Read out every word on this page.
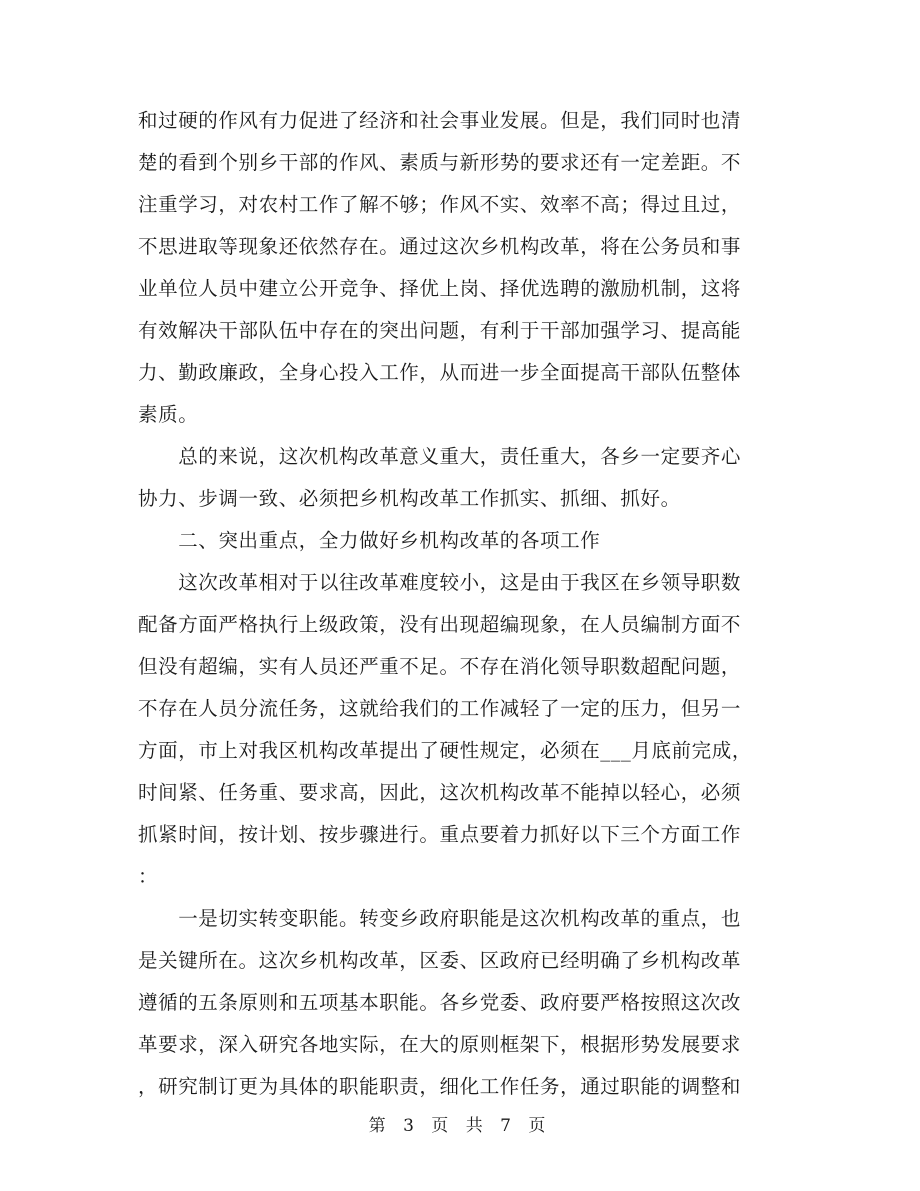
和过硬的作风有力促进了经济和社会事业发展。但是，我们同时也清
楚的看到个别乡干部的作风、素质与新形势的要求还有一定差距。不
注重学习，对农村工作了解不够；作风不实、效率不高；得过且过，
不思进取等现象还依然存在。通过这次乡机构改革，将在公务员和事
业单位人员中建立公开竞争、择优上岗、择优选聘的激励机制，这将
有效解决干部队伍中存在的突出问题，有利于干部加强学习、提高能
力、勤政廉政，全身心投入工作，从而进一步全面提高干部队伍整体
素质。
　　总的来说，这次机构改革意义重大，责任重大，各乡一定要齐心
协力、步调一致、必须把乡机构改革工作抓实、抓细、抓好。
　　二、突出重点，全力做好乡机构改革的各项工作
　　这次改革相对于以往改革难度较小，这是由于我区在乡领导职数
配备方面严格执行上级政策，没有出现超编现象，在人员编制方面不
但没有超编，实有人员还严重不足。不存在消化领导职数超配问题，
不存在人员分流任务，这就给我们的工作减轻了一定的压力，但另一
方面，市上对我区机构改革提出了硬性规定，必须在___月底前完成，
时间紧、任务重、要求高，因此，这次机构改革不能掉以轻心，必须
抓紧时间，按计划、按步骤进行。重点要着力抓好以下三个方面工作
：
　　一是切实转变职能。转变乡政府职能是这次机构改革的重点，也
是关键所在。这次乡机构改革，区委、区政府已经明确了乡机构改革
遵循的五条原则和五项基本职能。各乡党委、政府要严格按照这次改
革要求，深入研究各地实际，在大的原则框架下，根据形势发展要求
，研究制订更为具体的职能职责，细化工作任务，通过职能的调整和
第 3 页 共 7 页
